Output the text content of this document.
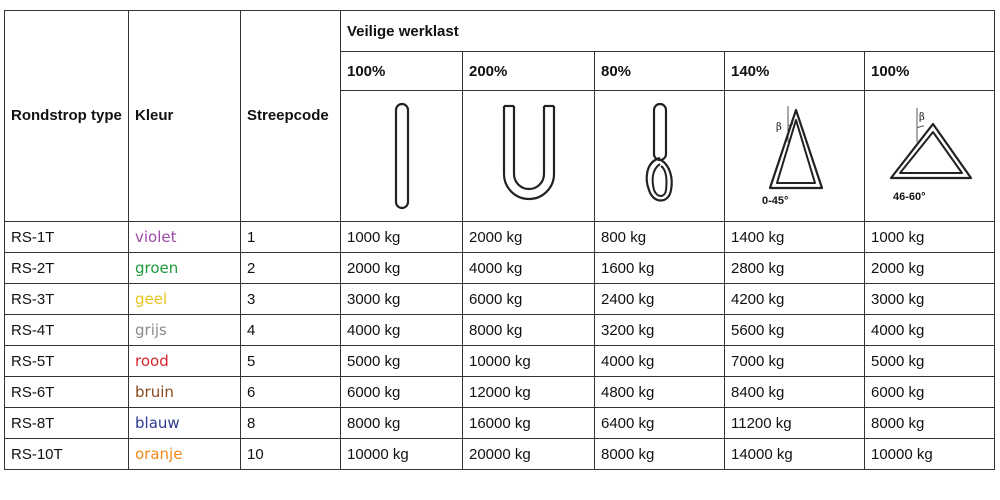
Rondstrop type	Kleur	Streepcode	Veilige werklast				
			100%	200%	80%	140%	100%

β
0-45°	β
46-60°

RS-1T	violet	1	1000 kg	2000 kg	800 kg	1400 kg	1000 kg
RS-2T	groen	2	2000 kg	4000 kg	1600 kg	2800 kg	2000 kg
RS-3T	geel	3	3000 kg	6000 kg	2400 kg	4200 kg	3000 kg
RS-4T	grijs	4	4000 kg	8000 kg	3200 kg	5600 kg	4000 kg
RS-5T	rood	5	5000 kg	10000 kg	4000 kg	7000 kg	5000 kg
RS-6T	bruin	6	6000 kg	12000 kg	4800 kg	8400 kg	6000 kg
RS-8T	blauw	8	8000 kg	16000 kg	6400 kg	11200 kg	8000 kg
RS-10T	oranje	10	10000 kg	20000 kg	8000 kg	14000 kg	10000 kg
